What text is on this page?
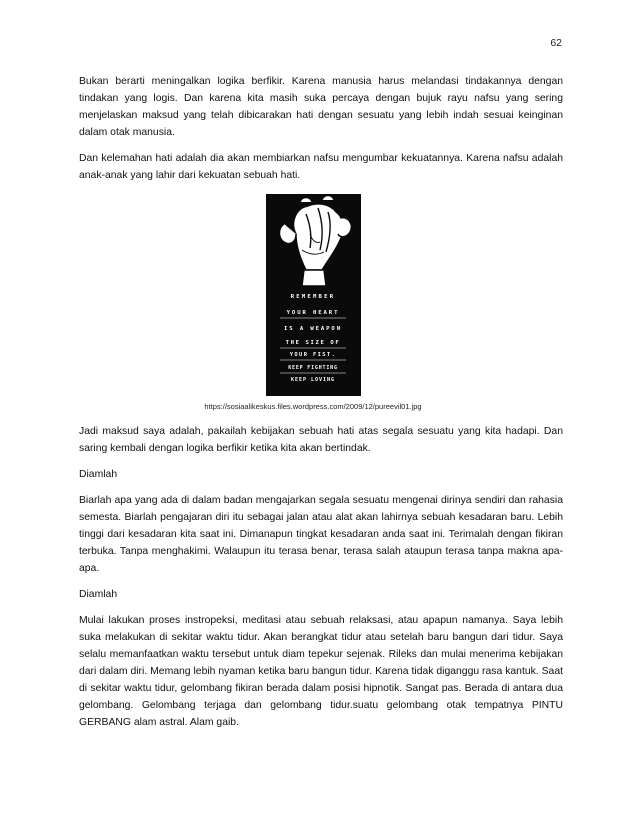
62

Bukan berarti meningalkan logika berfikir. Karena manusia harus melandasi tindakannya dengan tindakan yang logis. Dan karena kita masih suka percaya dengan bujuk rayu nafsu yang sering menjelaskan maksud yang telah dibicarakan hati dengan sesuatu yang lebih indah sesuai keinginan dalam otak manusia.

Dan kelemahan hati adalah dia akan membiarkan nafsu mengumbar kekuatannya. Karena nafsu adalah anak-anak yang lahir dari kekuatan sebuah hati.

REMEMBER
YOUR HEART
IS A WEAPON
THE SIZE OF
YOUR FIST.
KEEP FIGHTING
KEEP LOVING
https://sosiaalikeskus.files.wordpress.com/2009/12/pureevil01.jpg

Jadi maksud saya adalah, pakailah kebijakan sebuah hati atas segala sesuatu yang kita hadapi. Dan saring kembali dengan logika berfikir ketika kita akan bertindak.

Diamlah

Biarlah apa yang ada di dalam badan mengajarkan segala sesuatu mengenai dirinya sendiri dan rahasia semesta. Biarlah pengajaran diri itu sebagai jalan atau alat akan lahirnya sebuah kesadaran baru. Lebih tinggi dari kesadaran kita saat ini. Dimanapun tingkat kesadaran anda saat ini. Terimalah dengan fikiran terbuka. Tanpa menghakimi. Walaupun itu terasa benar, terasa salah ataupun terasa tanpa makna apa-apa.

Diamlah

Mulai lakukan proses instropeksi, meditasi atau sebuah relaksasi, atau apapun namanya. Saya lebih suka melakukan di sekitar waktu tidur. Akan berangkat tidur atau setelah baru bangun dari tidur. Saya selalu memanfaatkan waktu tersebut untuk diam tepekur sejenak. Rileks dan mulai menerima kebijakan dari dalam diri. Memang lebih nyaman ketika baru bangun tidur. Karena tidak diganggu rasa kantuk. Saat di sekitar waktu tidur, gelombang fikiran berada dalam posisi hipnotik. Sangat pas. Berada di antara dua gelombang. Gelombang terjaga dan gelombang tidur.suatu gelombang otak tempatnya PINTU GERBANG alam astral. Alam gaib.
